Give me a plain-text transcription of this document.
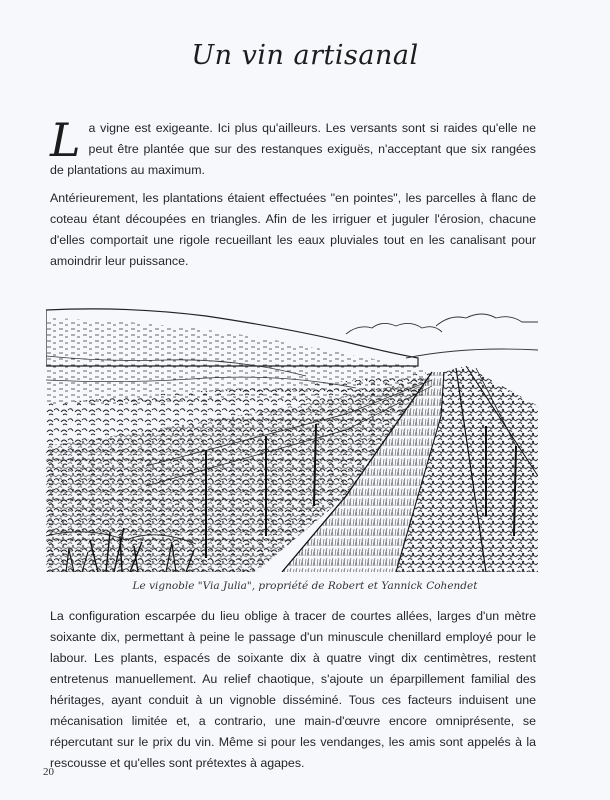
Un vin artisanal

La vigne est exigeante. Ici plus qu'ailleurs. Les versants sont si raides qu'elle ne peut être plantée que sur des restanques exiguës, n'acceptant que six rangées de plantations au maximum.

Antérieurement, les plantations étaient effectuées "en pointes", les parcelles à flanc de coteau étant découpées en triangles. Afin de les irriguer et juguler l'érosion, chacune d'elles comportait une rigole recueillant les eaux pluviales tout en les canalisant pour amoindrir leur puissance.

Le vignoble "Via Julia", propriété de Robert et Yannick Cohendet

La configuration escarpée du lieu oblige à tracer de courtes allées, larges d'un mètre soixante dix, permettant à peine le passage d'un minuscule chenillard employé pour le labour. Les plants, espacés de soixante dix à quatre vingt dix centimètres, restent entretenus manuellement. Au relief chaotique, s'ajoute un éparpillement familial des héritages, ayant conduit à un vignoble disséminé. Tous ces facteurs induisent une mécanisation limitée et, a contrario, une main-d'œuvre encore omniprésente, se répercutant sur le prix du vin. Même si pour les vendanges, les amis sont appelés à la rescousse et qu'elles sont prétextes à agapes.

20
